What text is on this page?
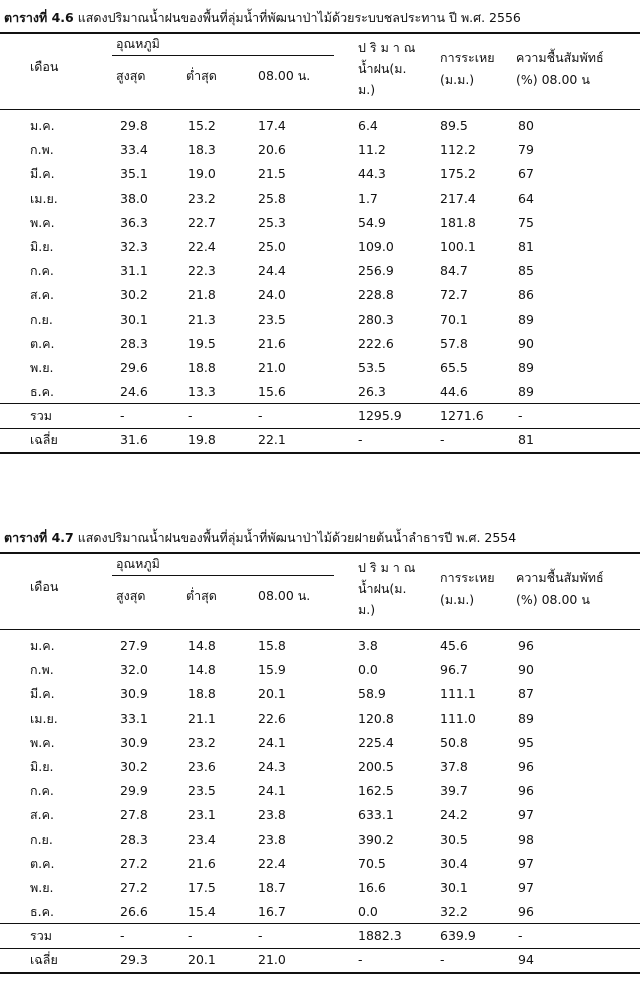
ตารางที่ 4.6 แสดงปริมาณน้ำฝนของพื้นที่ลุ่มน้ำที่พัฒนาป่าไม้ด้วยระบบชลประทาน ปี พ.ศ. 2556
เดือน
อุณหภูมิ
สูงสุด	ต่ำสุด	08.00 น.
ป ริ ม า ณ
น้ำฝน(ม.
ม.)
การระเหย
(ม.ม.)
ความชื้นสัมพัทธ์
(%) 08.00 น
ม.ค.	29.8	15.2	17.4	6.4	89.5	80
ก.พ.	33.4	18.3	20.6	11.2	112.2	79
มี.ค.	35.1	19.0	21.5	44.3	175.2	67
เม.ย.	38.0	23.2	25.8	1.7	217.4	64
พ.ค.	36.3	22.7	25.3	54.9	181.8	75
มิ.ย.	32.3	22.4	25.0	109.0	100.1	81
ก.ค.	31.1	22.3	24.4	256.9	84.7	85
ส.ค.	30.2	21.8	24.0	228.8	72.7	86
ก.ย.	30.1	21.3	23.5	280.3	70.1	89
ต.ค.	28.3	19.5	21.6	222.6	57.8	90
พ.ย.	29.6	18.8	21.0	53.5	65.5	89
ธ.ค.	24.6	13.3	15.6	26.3	44.6	89
รวม	-	-	-	1295.9	1271.6	-
เฉลี่ย	31.6	19.8	22.1	-	-	81
ตารางที่ 4.7 แสดงปริมาณน้ำฝนของพื้นที่ลุ่มน้ำที่พัฒนาป่าไม้ด้วยฝายต้นน้ำลำธารปี พ.ศ. 2554
เดือน
อุณหภูมิ
สูงสุด	ต่ำสุด	08.00 น.
ป ริ ม า ณ
น้ำฝน(ม.
ม.)
การระเหย
(ม.ม.)
ความชื้นสัมพัทธ์
(%) 08.00 น
ม.ค.	27.9	14.8	15.8	3.8	45.6	96
ก.พ.	32.0	14.8	15.9	0.0	96.7	90
มี.ค.	30.9	18.8	20.1	58.9	111.1	87
เม.ย.	33.1	21.1	22.6	120.8	111.0	89
พ.ค.	30.9	23.2	24.1	225.4	50.8	95
มิ.ย.	30.2	23.6	24.3	200.5	37.8	96
ก.ค.	29.9	23.5	24.1	162.5	39.7	96
ส.ค.	27.8	23.1	23.8	633.1	24.2	97
ก.ย.	28.3	23.4	23.8	390.2	30.5	98
ต.ค.	27.2	21.6	22.4	70.5	30.4	97
พ.ย.	27.2	17.5	18.7	16.6	30.1	97
ธ.ค.	26.6	15.4	16.7	0.0	32.2	96
รวม	-	-	-	1882.3	639.9	-
เฉลี่ย	29.3	20.1	21.0	-	-	94
